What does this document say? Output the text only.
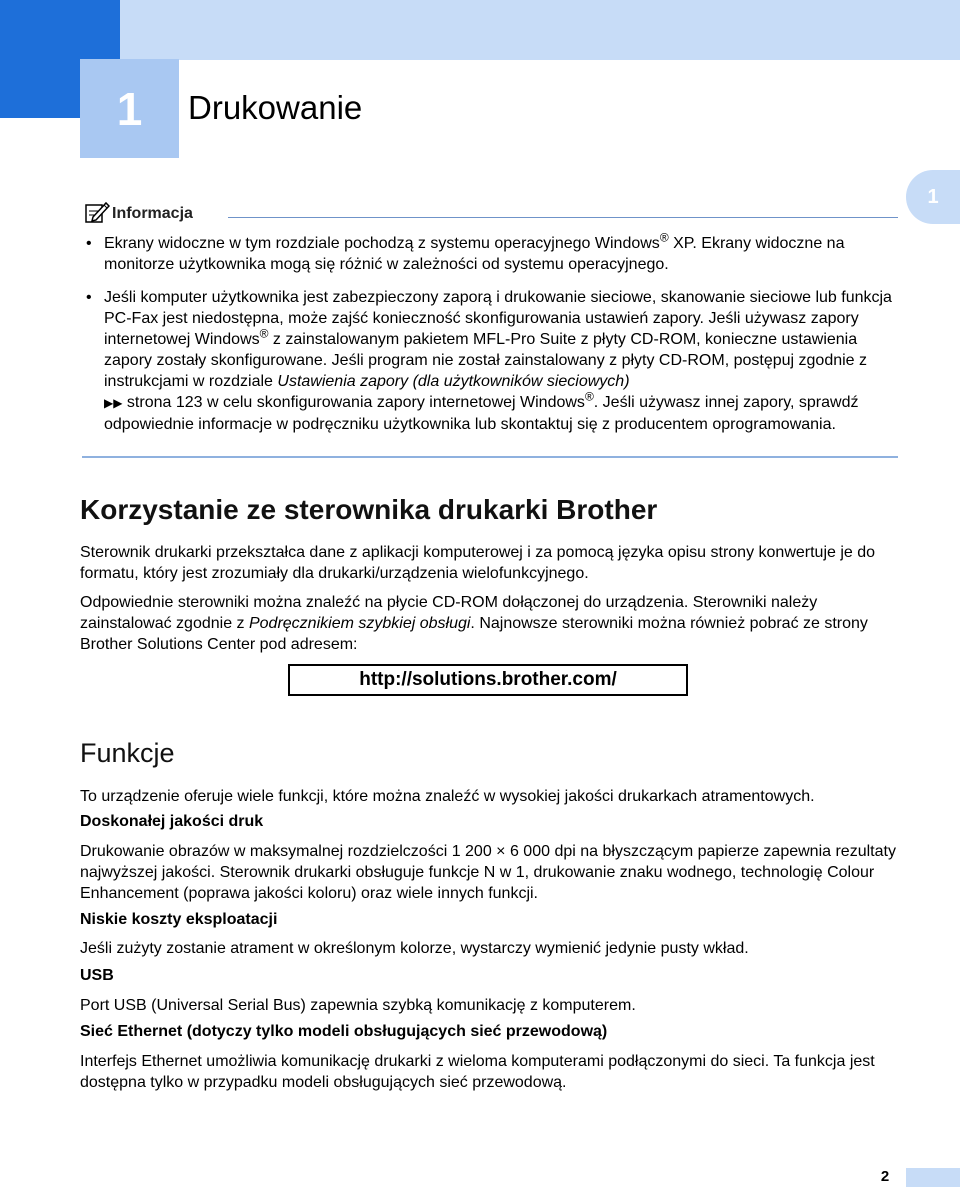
1 Drukowanie
1
Informacja
• Ekrany widoczne w tym rozdziale pochodzą z systemu operacyjnego Windows® XP. Ekrany widoczne na monitorze użytkownika mogą się różnić w zależności od systemu operacyjnego.
• Jeśli komputer użytkownika jest zabezpieczony zaporą i drukowanie sieciowe, skanowanie sieciowe lub funkcja PC-Fax jest niedostępna, może zajść konieczność skonfigurowania ustawień zapory. Jeśli używasz zapory internetowej Windows® z zainstalowanym pakietem MFL-Pro Suite z płyty CD-ROM, konieczne ustawienia zapory zostały skonfigurowane. Jeśli program nie został zainstalowany z płyty CD-ROM, postępuj zgodnie z instrukcjami w rozdziale Ustawienia zapory (dla użytkowników sieciowych)
▶▶ strona 123 w celu skonfigurowania zapory internetowej Windows®. Jeśli używasz innej zapory, sprawdź odpowiednie informacje w podręczniku użytkownika lub skontaktuj się z producentem oprogramowania.
Korzystanie ze sterownika drukarki Brother

Sterownik drukarki przekształca dane z aplikacji komputerowej i za pomocą języka opisu strony konwertuje je do formatu, który jest zrozumiały dla drukarki/urządzenia wielofunkcyjnego.

Odpowiednie sterowniki można znaleźć na płycie CD-ROM dołączonej do urządzenia. Sterowniki należy zainstalować zgodnie z Podręcznikiem szybkiej obsługi. Najnowsze sterowniki można również pobrać ze strony Brother Solutions Center pod adresem:

http://solutions.brother.com/
Funkcje

To urządzenie oferuje wiele funkcji, które można znaleźć w wysokiej jakości drukarkach atramentowych.

Doskonałej jakości druk

Drukowanie obrazów w maksymalnej rozdzielczości 1 200 × 6 000 dpi na błyszczącym papierze zapewnia rezultaty najwyższej jakości. Sterownik drukarki obsługuje funkcje N w 1, drukowanie znaku wodnego, technologię Colour Enhancement (poprawa jakości koloru) oraz wiele innych funkcji.

Niskie koszty eksploatacji

Jeśli zużyty zostanie atrament w określonym kolorze, wystarczy wymienić jedynie pusty wkład.

USB

Port USB (Universal Serial Bus) zapewnia szybką komunikację z komputerem.

Sieć Ethernet (dotyczy tylko modeli obsługujących sieć przewodową)

Interfejs Ethernet umożliwia komunikację drukarki z wieloma komputerami podłączonymi do sieci. Ta funkcja jest dostępna tylko w przypadku modeli obsługujących sieć przewodową.

2
